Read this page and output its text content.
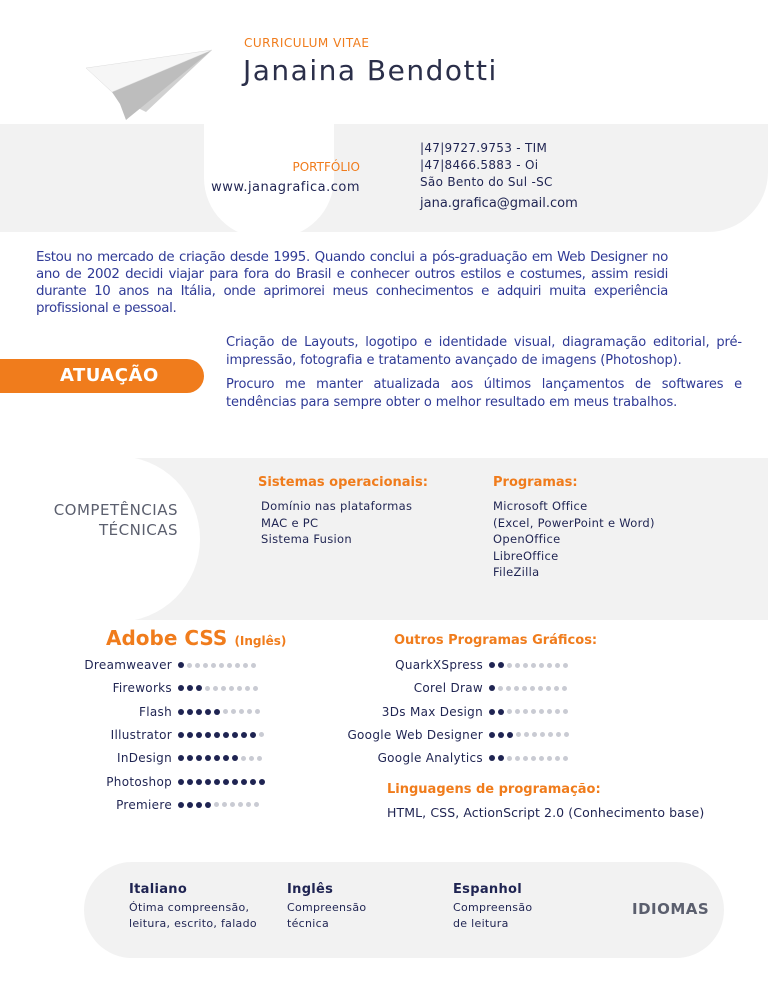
CURRICULUM VITAE
Janaina Bendotti
PORTFÓLIO
www.janagrafica.com
|47|9727.9753 - TIM
|47|8466.5883 - Oi
São Bento do Sul -SC
jana.grafica@gmail.com
Estou no mercado de criação desde 1995. Quando conclui a pós-graduação em Web Designer no ano de 2002 decidi viajar para fora do Brasil e conhecer outros estilos e costumes, assim residi durante 10 anos na Itália, onde aprimorei meus conhecimentos e adquiri muita experiência profissional e pessoal.
ATUAÇÃO
Criação de Layouts, logotipo e identidade visual, diagramação editorial, pré-impressão, fotografia e tratamento avançado de imagens (Photoshop).
Procuro me manter atualizada aos últimos lançamentos de softwares e tendências para sempre obter o melhor resultado em meus trabalhos.
COMPETÊNCIAS
TÉCNICAS
Sistemas operacionais:
Domínio nas plataformas
MAC e PC
Sistema Fusion
Programas:
Microsoft Office
(Excel, PowerPoint e Word)
OpenOffice
LibreOffice
FileZilla
Adobe CSS (Inglês)
Dreamweaver
Fireworks
Flash
Illustrator
InDesign
Photoshop
Premiere
Outros Programas Gráficos:
QuarkXSpress
Corel Draw
3Ds Max Design
Google Web Designer
Google Analytics
Linguagens de programação:
HTML, CSS, ActionScript 2.0 (Conhecimento base)
Italiano
Ótima compreensão,
leitura, escrito, falado
Inglês
Compreensão
técnica
Espanhol
Compreensão
de leitura
IDIOMAS
